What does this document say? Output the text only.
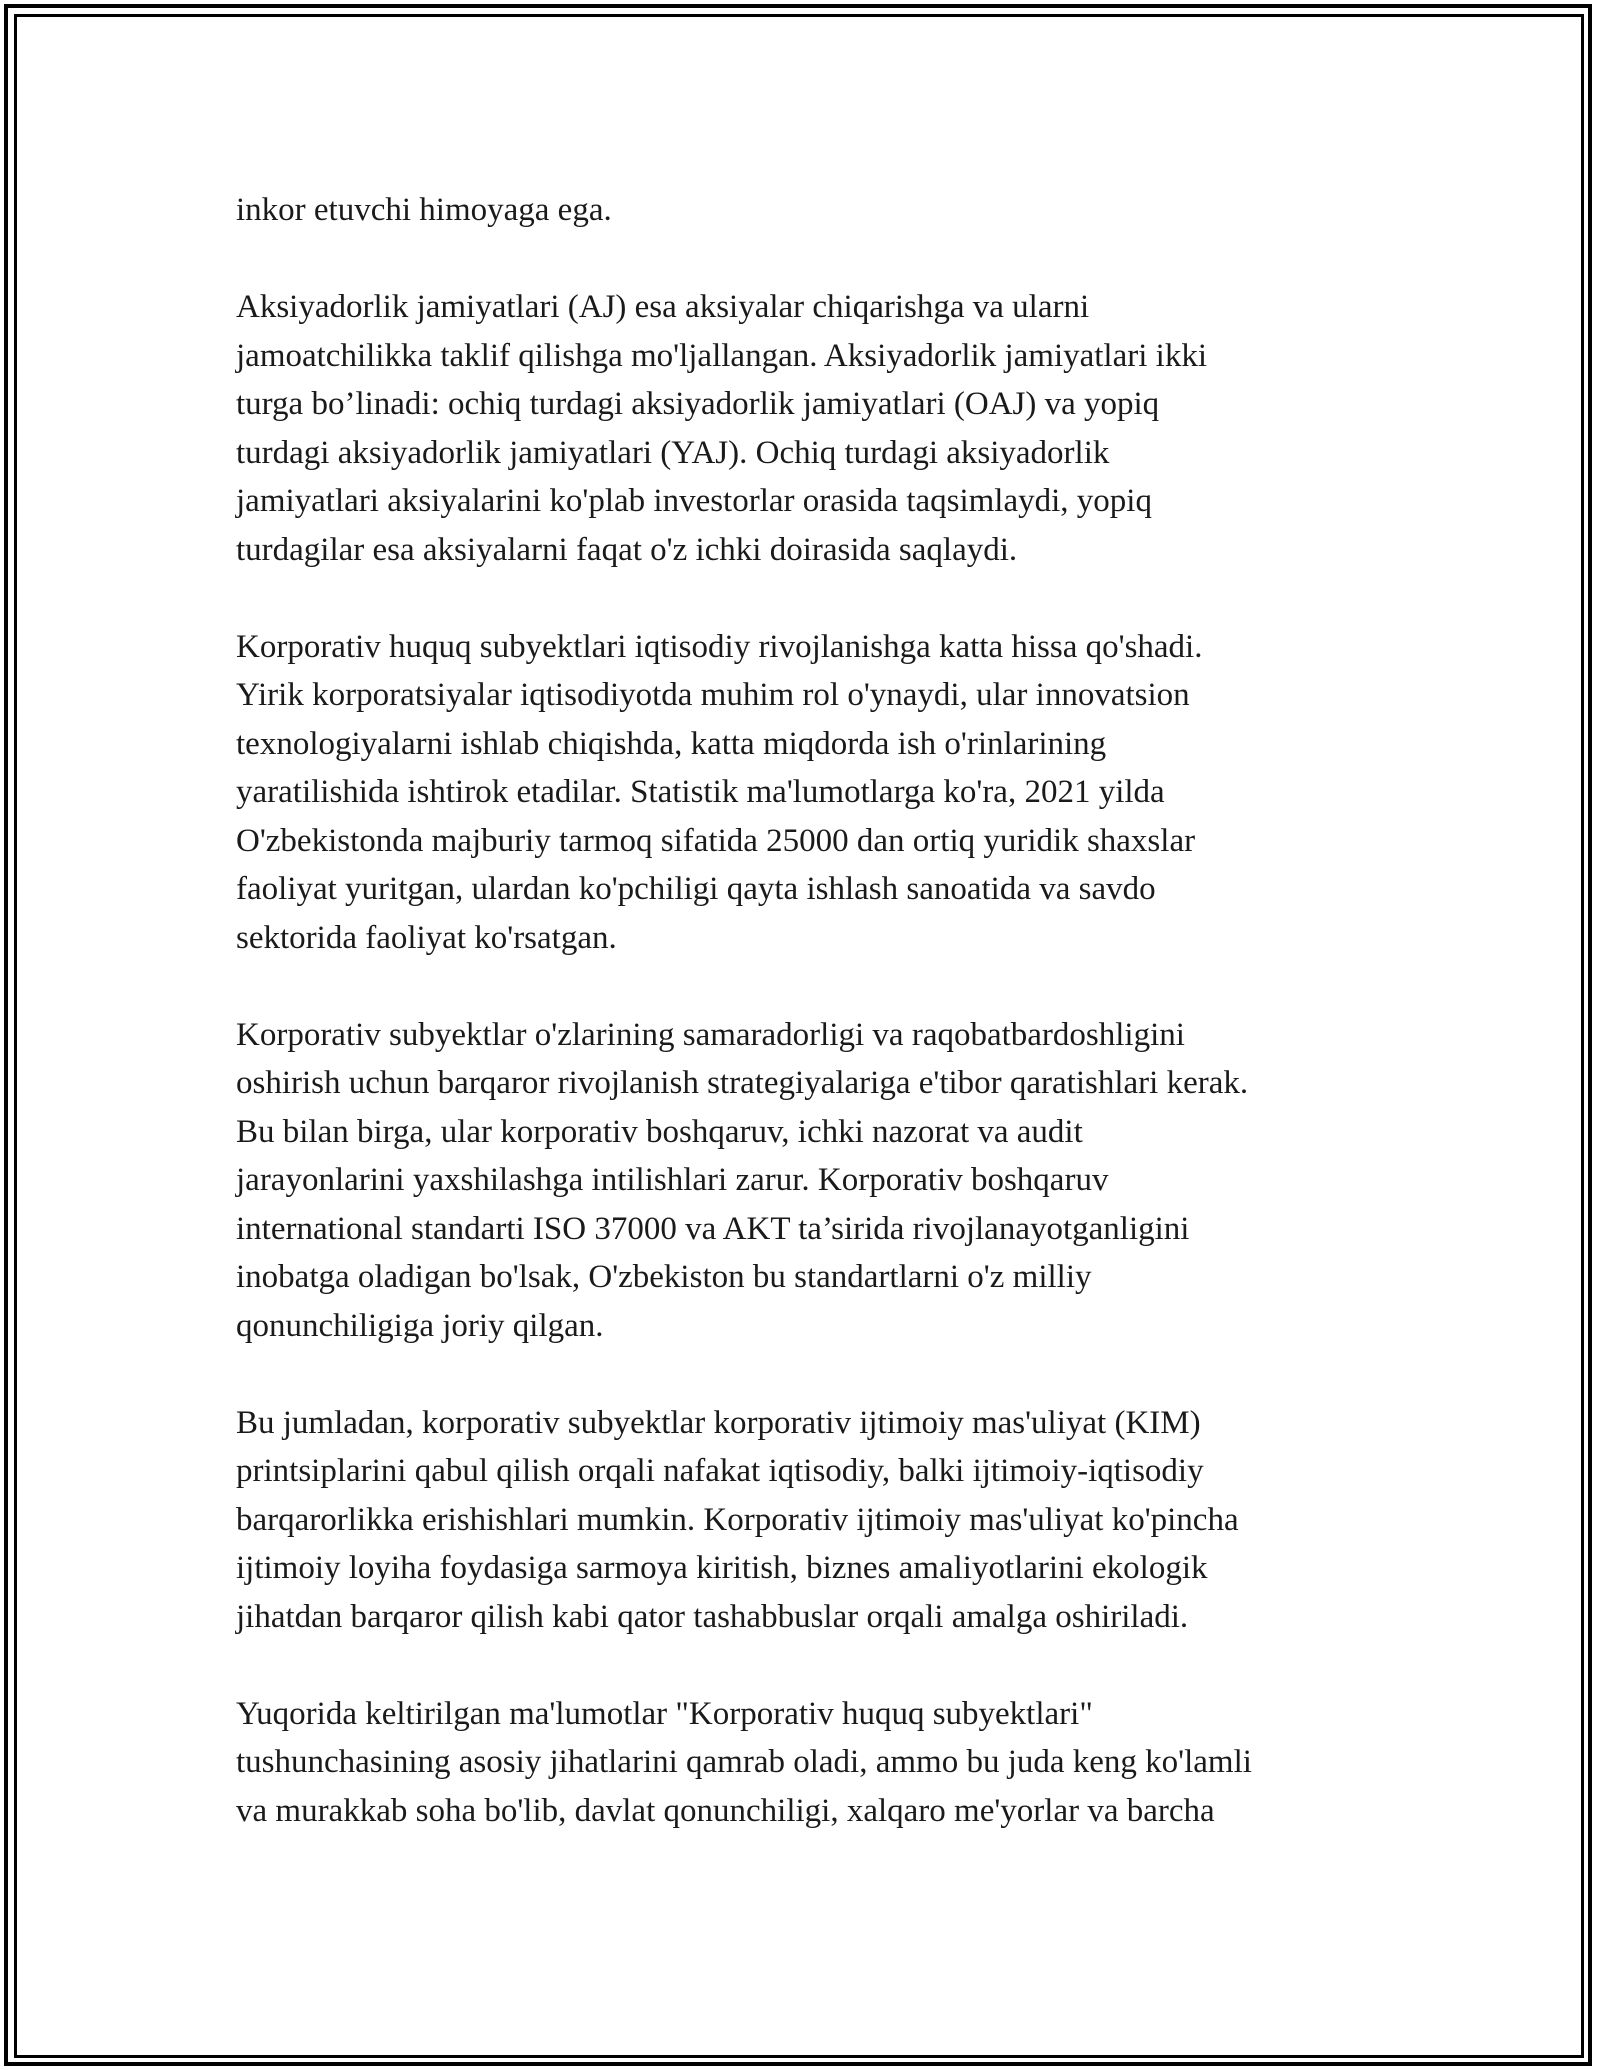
inkor etuvchi himoyaga ega.

Aksiyadorlik jamiyatlari (AJ) esa aksiyalar chiqarishga va ularni
jamoatchilikka taklif qilishga mo'ljallangan. Aksiyadorlik jamiyatlari ikki
turga bo’linadi: ochiq turdagi aksiyadorlik jamiyatlari (OAJ) va yopiq
turdagi aksiyadorlik jamiyatlari (YAJ). Ochiq turdagi aksiyadorlik
jamiyatlari aksiyalarini ko'plab investorlar orasida taqsimlaydi, yopiq
turdagilar esa aksiyalarni faqat o'z ichki doirasida saqlaydi.

Korporativ huquq subyektlari iqtisodiy rivojlanishga katta hissa qo'shadi.
Yirik korporatsiyalar iqtisodiyotda muhim rol o'ynaydi, ular innovatsion
texnologiyalarni ishlab chiqishda, katta miqdorda ish o'rinlarining
yaratilishida ishtirok etadilar. Statistik ma'lumotlarga ko'ra, 2021 yilda
O'zbekistonda majburiy tarmoq sifatida 25000 dan ortiq yuridik shaxslar
faoliyat yuritgan, ulardan ko'pchiligi qayta ishlash sanoatida va savdo
sektorida faoliyat ko'rsatgan.

Korporativ subyektlar o'zlarining samaradorligi va raqobatbardoshligini
oshirish uchun barqaror rivojlanish strategiyalariga e'tibor qaratishlari kerak.
Bu bilan birga, ular korporativ boshqaruv, ichki nazorat va audit
jarayonlarini yaxshilashga intilishlari zarur. Korporativ boshqaruv
international standarti ISO 37000 va AKT ta’sirida rivojlanayotganligini
inobatga oladigan bo'lsak, O'zbekiston bu standartlarni o'z milliy
qonunchiligiga joriy qilgan.

Bu jumladan, korporativ subyektlar korporativ ijtimoiy mas'uliyat (KIM)
printsiplarini qabul qilish orqali nafakat iqtisodiy, balki ijtimoiy-iqtisodiy
barqarorlikka erishishlari mumkin. Korporativ ijtimoiy mas'uliyat ko'pincha
ijtimoiy loyiha foydasiga sarmoya kiritish, biznes amaliyotlarini ekologik
jihatdan barqaror qilish kabi qator tashabbuslar orqali amalga oshiriladi.

Yuqorida keltirilgan ma'lumotlar "Korporativ huquq subyektlari"
tushunchasining asosiy jihatlarini qamrab oladi, ammo bu juda keng ko'lamli
va murakkab soha bo'lib, davlat qonunchiligi, xalqaro me'yorlar va barcha
